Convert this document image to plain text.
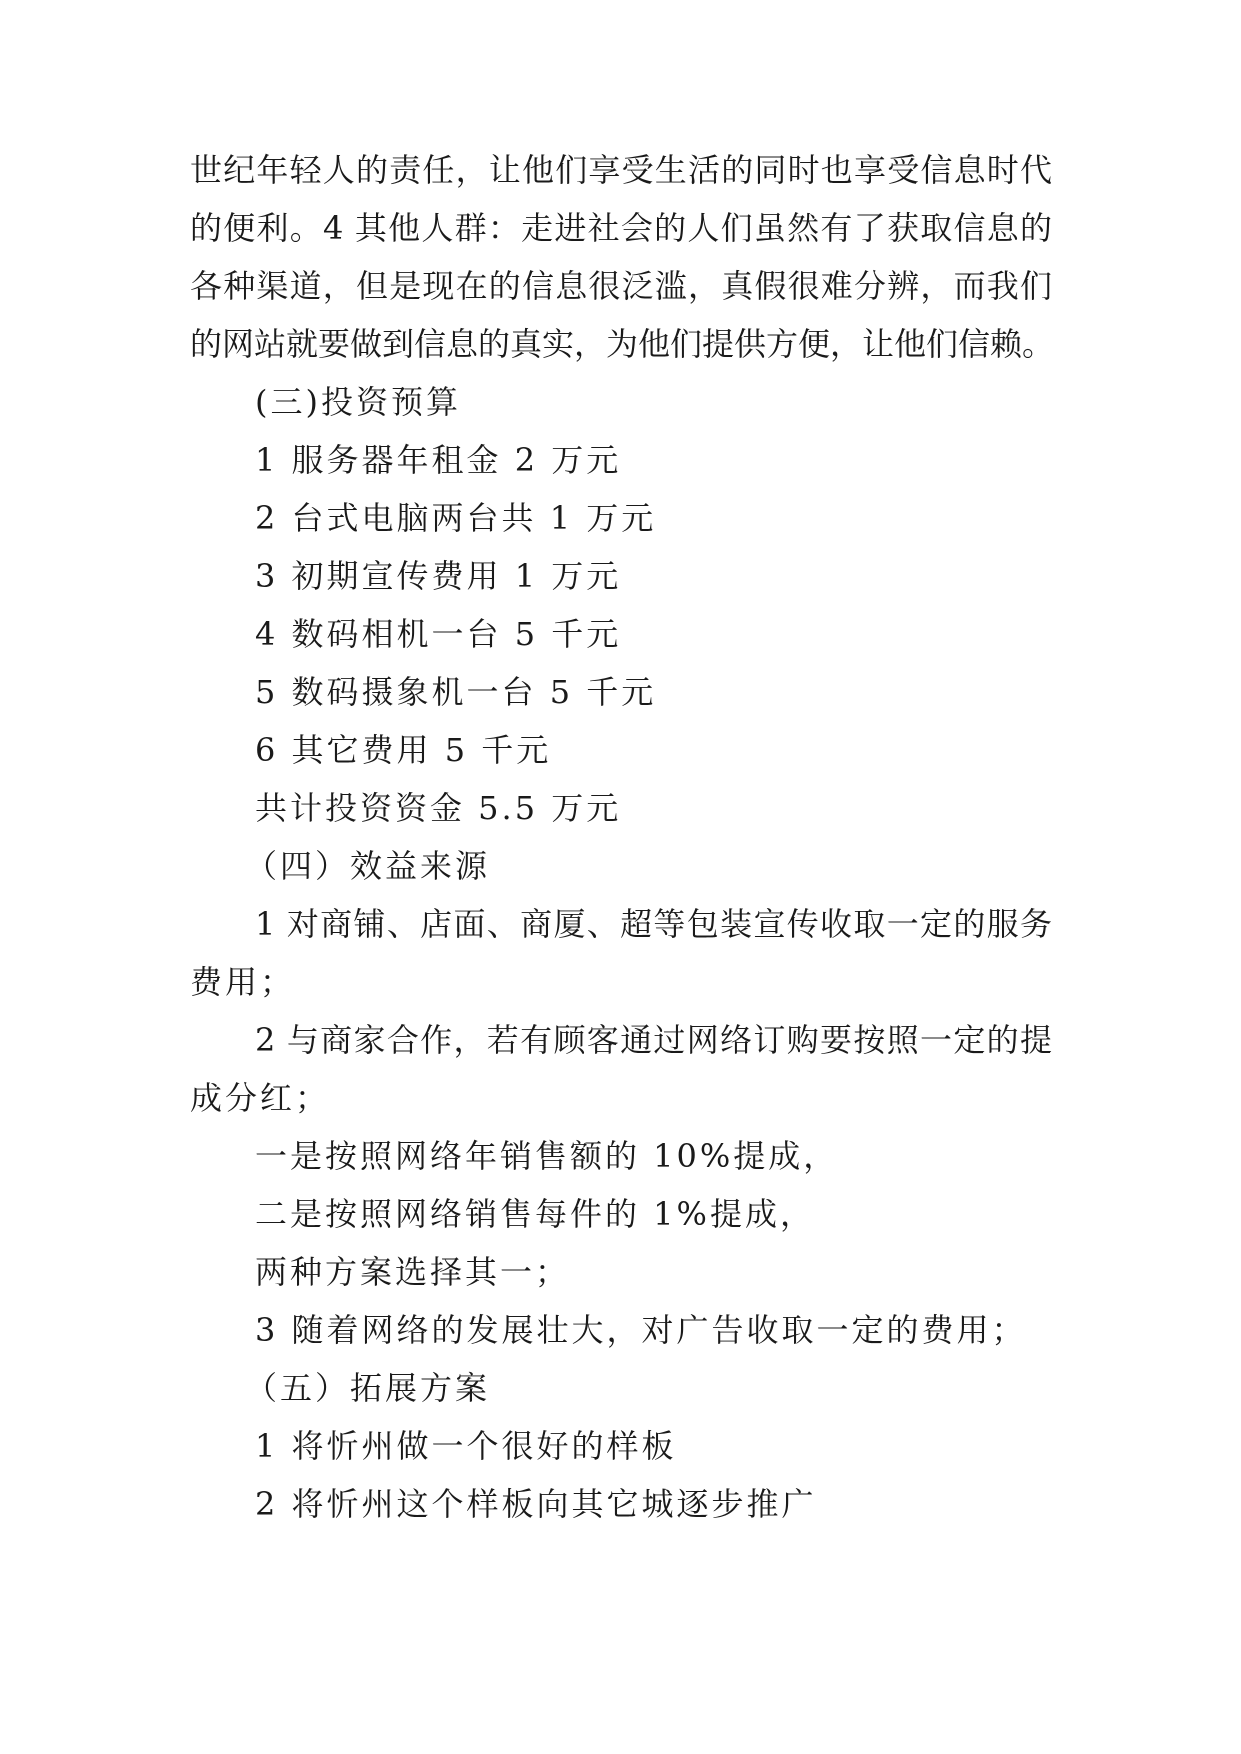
世纪年轻人的责任，让他们享受生活的同时也享受信息时代
的便利。4 其他人群：走进社会的人们虽然有了获取信息的
各种渠道，但是现在的信息很泛滥，真假很难分辨，而我们
的网站就要做到信息的真实，为他们提供方便，让他们信赖。
(三)投资预算
1 服务器年租金 2 万元
2 台式电脑两台共 1 万元
3 初期宣传费用 1 万元
4 数码相机一台 5 千元
5 数码摄象机一台 5 千元
6 其它费用 5 千元
共计投资资金 5.5 万元
（四）效益来源
1 对商铺、店面、商厦、超等包装宣传收取一定的服务
费用；
2 与商家合作，若有顾客通过网络订购要按照一定的提
成分红；
一是按照网络年销售额的 10%提成，
二是按照网络销售每件的 1%提成，
两种方案选择其一；
3 随着网络的发展壮大，对广告收取一定的费用；
（五）拓展方案
1 将忻州做一个很好的样板
2 将忻州这个样板向其它城逐步推广
